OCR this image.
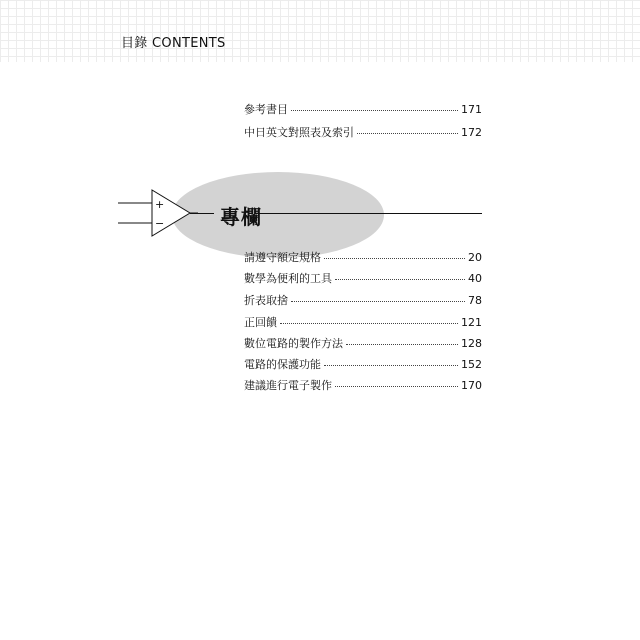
目錄 CONTENTS
參考書目	171
中日英文對照表及索引	172
+
−	專欄
請遵守額定規格	20
數學為便利的工具	40
折表取捨	78
正回饋	121
數位電路的製作方法	128
電路的保護功能	152
建議進行電子製作	170
